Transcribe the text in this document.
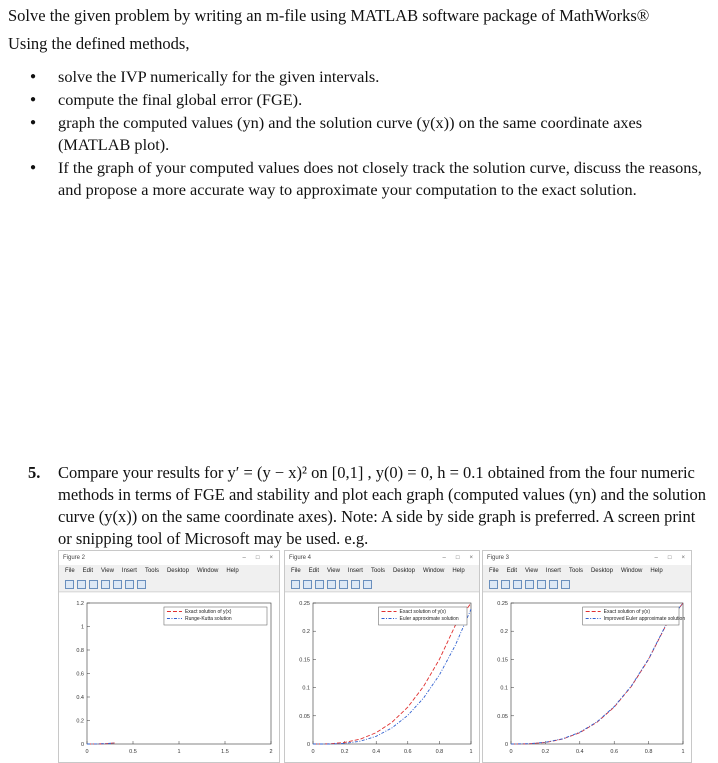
Solve the given problem by writing an m-file using MATLAB software package of MathWorks®
Using the defined methods,
● solve the IVP numerically for the given intervals.
● compute the final global error (FGE).
● graph the computed values (yn) and the solution curve (y(x)) on the same coordinate axes (MATLAB plot).
● If the graph of your computed values does not closely track the solution curve, discuss the reasons, and propose a more accurate way to approximate your computation to the exact solution.
5. Compare your results for y′ = (y − x)² on [0,1] , y(0) = 0, h = 0.1 obtained from the four numeric methods in terms of FGE and stability and plot each graph (computed values (yn) and the solution curve (y(x)) on the same coordinate axes). Note: A side by side graph is preferred. A screen print or snipping tool of Microsoft may be used. e.g.
Figure 2	– □ ×
File Edit View Insert Tools Desktop Window Help
0	0.5	1	1.5	2
0
0.2
0.4
0.6
0.8
1
1.2
Exact solution of y(x)
Runge-Kutta solution
Figure 4	– □ ×
File Edit View Insert Tools Desktop Window Help
0	0.2	0.4	0.6	0.8	1
0
0.05
0.1
0.15
0.2
0.25
Exact solution of y(x)
Euler approximate solution
Figure 3	– □ ×
File Edit View Insert Tools Desktop Window Help
0	0.2	0.4	0.6	0.8	1
0
0.05
0.1
0.15
0.2
0.25
Exact solution of y(x)
Improved Euler approximate solution
